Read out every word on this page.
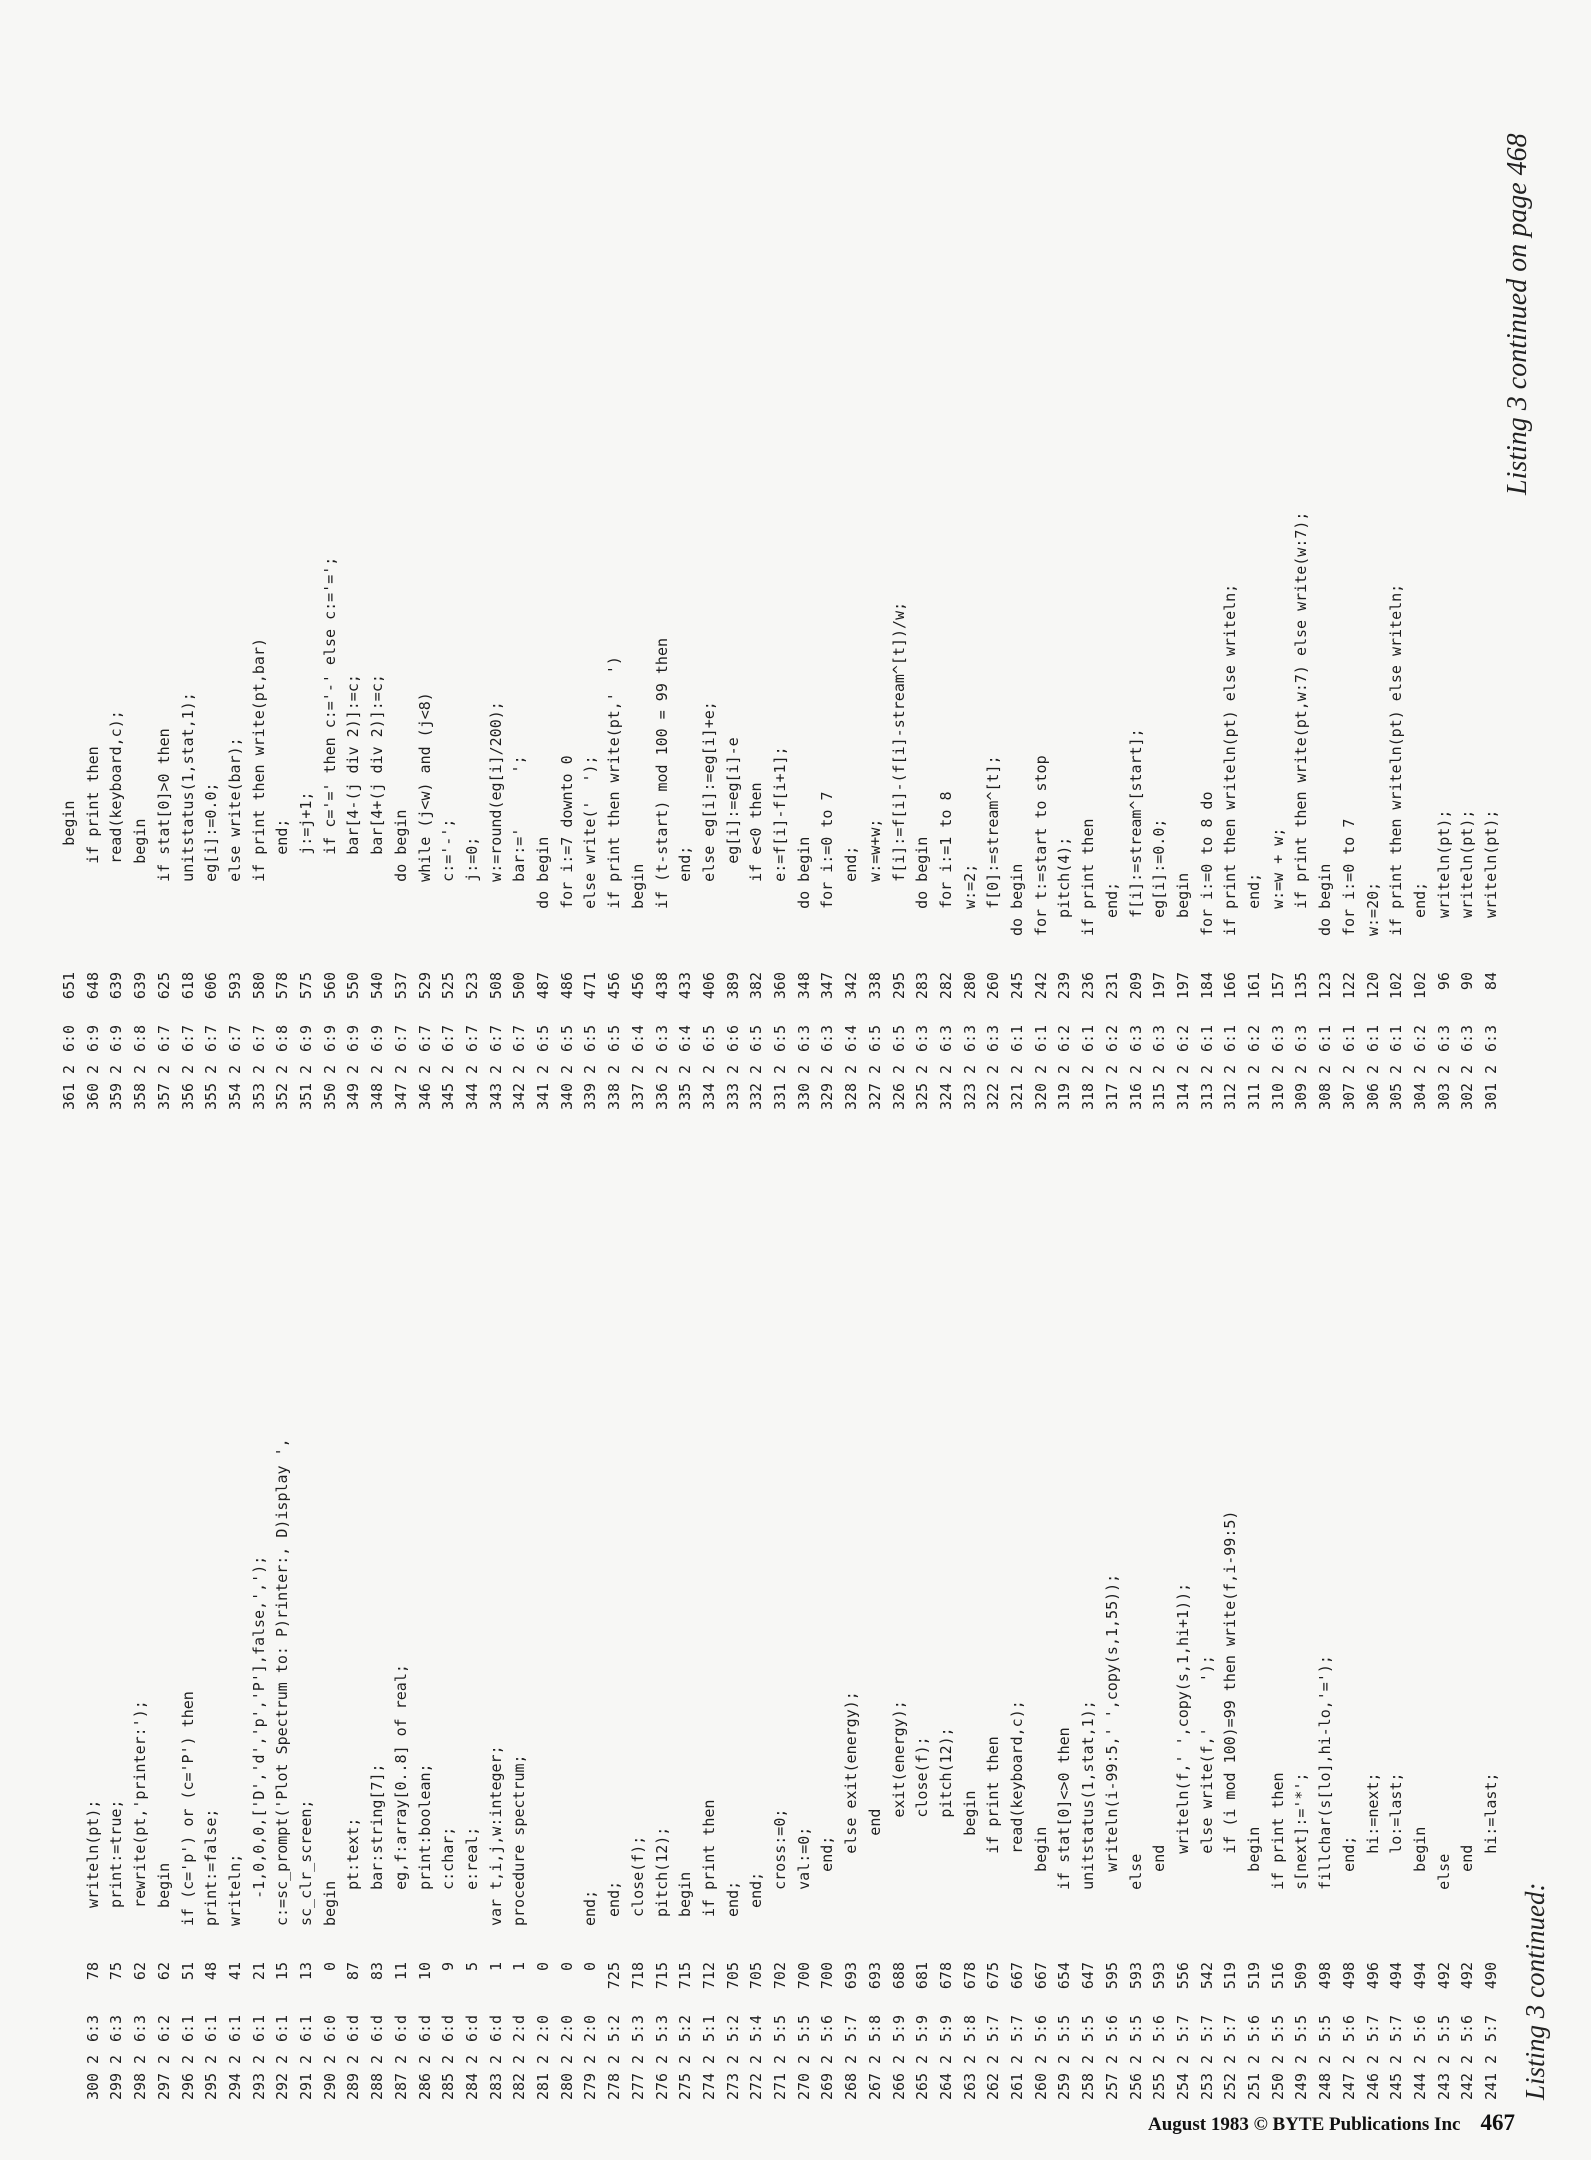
Listing 3 continued:
24125:7490        hi:=last;
24225:6492      end
24325:5492    else
24425:6494      begin
24525:7494        lo:=last;
24625:7496        hi:=next;
24725:6498      end;
24825:5498    fillchar(s[lo],hi-lo,'=');
24925:5509    s[next]:='*';
25025:5516    if print then
25125:6519      begin
25225:7519        if (i mod 100)=99 then write(f,i-99:5)
25325:7542        else write(f,'     ');
25425:7556        writeln(f,' ',copy(s,1,hi+1));
25525:6593      end
25625:5593    else
25725:6595      writeln(i-99:5,' ',copy(s,1,55));
25825:5647    unitstatus(1,stat,1);
25925:5654    if stat[0]<>0 then
26025:6667      begin
26125:7667        read(keyboard,c);
26225:7675        if print then
26325:8678          begin
26425:9678            pitch(12);
26525:9681            close(f);
26625:9688            exit(energy);
26725:8693          end
26825:7693        else exit(energy);
26925:6700      end;
27025:5700    val:=0;
27125:5702    cross:=0;
27225:4705  end;
27325:2705 end;
27425:1712 if print then
27525:2715 begin
27625:3715 pitch(12);
27725:3718 close(f);
27825:2725 end;
27922:00end;
28022:00
28122:00
28222:d1procedure spectrum;
28326:d1var t,i,j,w:integer;
28426:d5    e:real;
28526:d9    c:char;
28626:d10    print:boolean;
28726:d11    eg,f:array[0..8] of real;
28826:d83    bar:string[7];
28926:d87    pt:text;
29026:00begin
29126:113sc_clr_screen;
29226:115c:=sc_prompt('Plot Spectrum to: P)rinter:, D)isplay ',
29326:121   -1,0,0,0,['D','d','p','P'],false,',');
29426:141writeln;
29526:148print:=false;
29626:151if (c='p') or (c='P') then
29726:262  begin
29826:362  rewrite(pt,'printer:');
29926:375  print:=true;
30026:378  writeln(pt);
30126:384  writeln(pt);
30226:390  writeln(pt);
30326:396  writeln(pt);
30426:2102  end;
30526:1102if print then writeln(pt) else writeln;
30626:1120w:=20;
30726:1122for i:=0 to 7
30826:1123do begin
30926:3135   if print then write(pt,w:7) else write(w:7);
31026:3157   w:=w + w;
31126:2161   end;
31226:1166if print then writeln(pt) else writeln;
31326:1184for i:=0 to 8 do
31426:2197  begin
31526:3197  eg[i]:=0.0;
31626:3209  f[i]:=stream^[start];
31726:2231  end;
31826:1236if print then
31926:2239  pitch(4);
32026:1242for t:=start to stop
32126:1245do begin
32226:3260   f[0]:=stream^[t];
32326:3280   w:=2;
32426:3282   for i:=1 to 8
32526:3283   do begin
32626:5295      f[i]:=f[i]-(f[i]-stream^[t])/w;
32726:5338      w:=w+w;
32826:4342      end;
32926:3347   for i:=0 to 7
33026:3348   do begin
33126:5360      e:=f[i]-f[i+1];
33226:5382      if e<0 then
33326:6389        eg[i]:=eg[i]-e
33426:5406      else eg[i]:=eg[i]+e;
33526:4433      end;
33626:3438   if (t-start) mod 100 = 99 then
33726:4456   begin
33826:5456   if print then write(pt,'  ')
33926:5471   else write('  ');
34026:5486   for i:=7 downto 0
34126:5487   do begin
34226:7500      bar:='      ';
34326:7508      w:=round(eg[i]/200);
34426:7523      j:=0;
34526:7525      c:='-';
34626:7529      while (j<w) and (j<8)
34726:7537      do begin
34826:9540         bar[4+(j div 2)]:=c;
34926:9550         bar[4-(j div 2)]:=c;
35026:9560         if c='=' then c:='-' else c:='=';
35126:9575         j:=j+1;
35226:8578         end;
35326:7580      if print then write(pt,bar)
35426:7593      else write(bar);
35526:7606      eg[i]:=0.0;
35626:7618      unitstatus(1,stat,1);
35726:7625      if stat[0]>0 then
35826:8639        begin
35926:9639        read(keyboard,c);
36026:9648        if print then
36126:0651          begin
Listing 3 continued on page 468
August 1983 © BYTE Publications Inc 467
